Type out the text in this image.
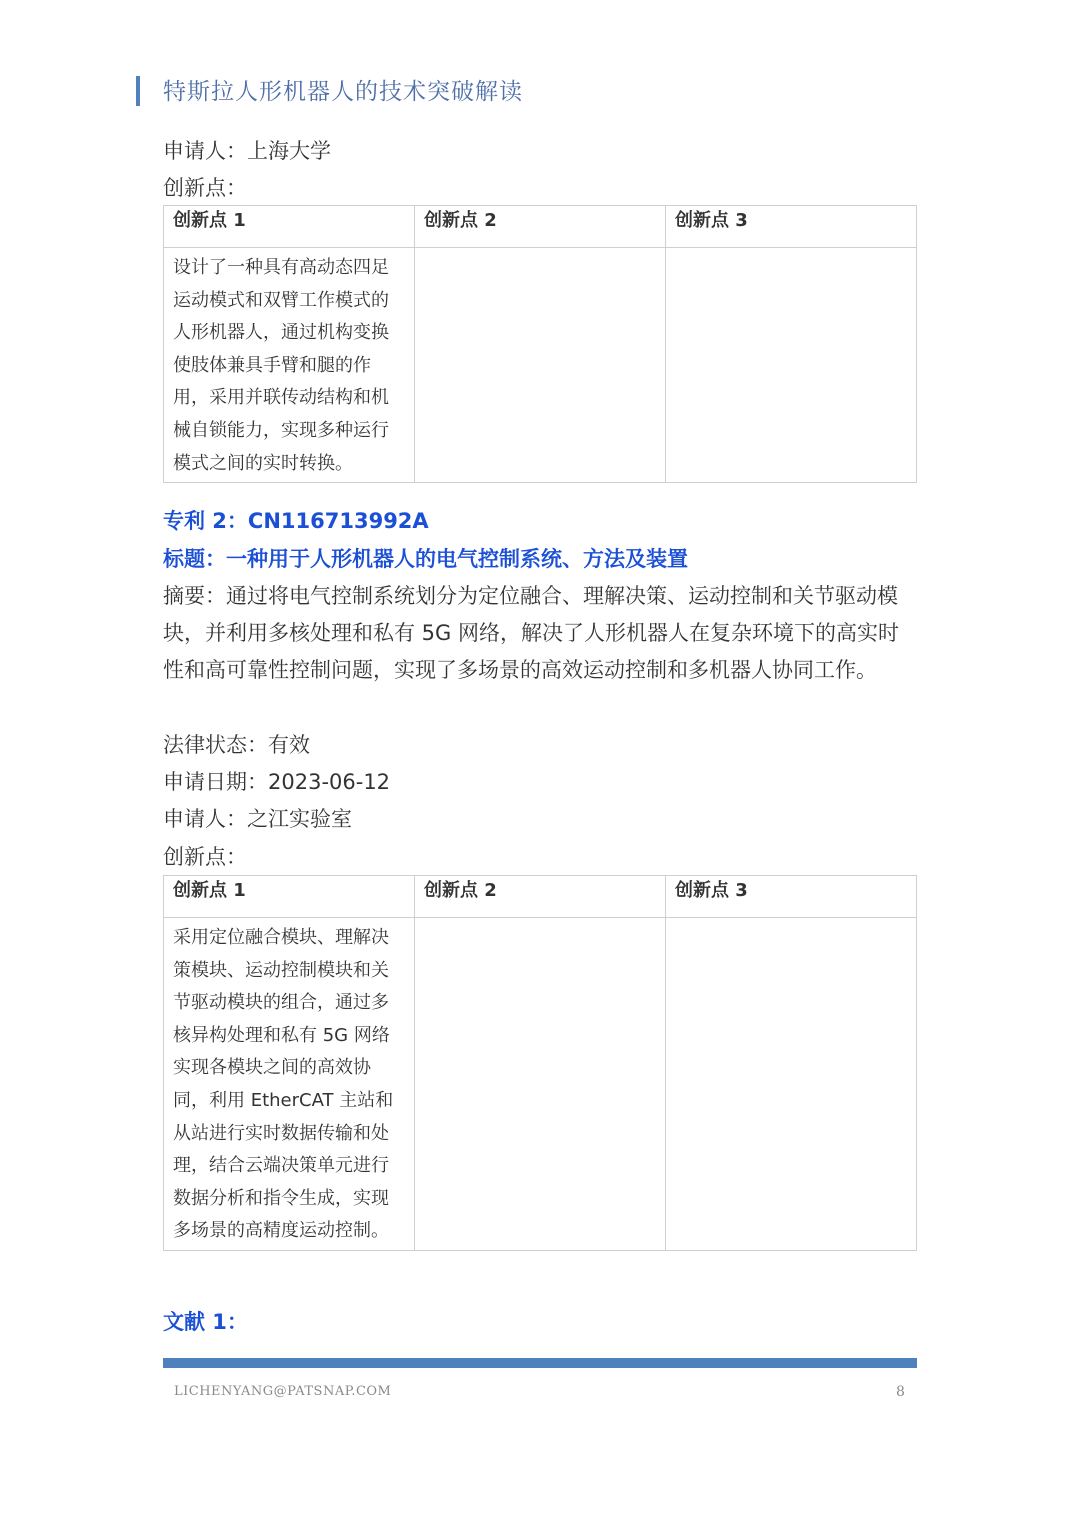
特斯拉人形机器人的技术突破解读
申请人：上海大学
创新点：
创新点 1	创新点 2	创新点 3
设计了一种具有高动态四足运动模式和双臂工作模式的人形机器人，通过机构变换使肢体兼具手臂和腿的作用，采用并联传动结构和机械自锁能力，实现多种运行模式之间的实时转换。		
专利 2：CN116713992A
标题：一种用于人形机器人的电气控制系统、方法及装置
摘要：通过将电气控制系统划分为定位融合、理解决策、运动控制和关节驱动模块，并利用多核处理和私有 5G 网络，解决了人形机器人在复杂环境下的高实时性和高可靠性控制问题，实现了多场景的高效运动控制和多机器人协同工作。
法律状态：有效
申请日期：2023-06-12
申请人：之江实验室
创新点：
创新点 1	创新点 2	创新点 3
采用定位融合模块、理解决策模块、运动控制模块和关节驱动模块的组合，通过多核异构处理和私有 5G 网络实现各模块之间的高效协同，利用 EtherCAT 主站和从站进行实时数据传输和处理，结合云端决策单元进行数据分析和指令生成，实现多场景的高精度运动控制。		
文献 1：
LICHENYANG@PATSNAP.COM	8
